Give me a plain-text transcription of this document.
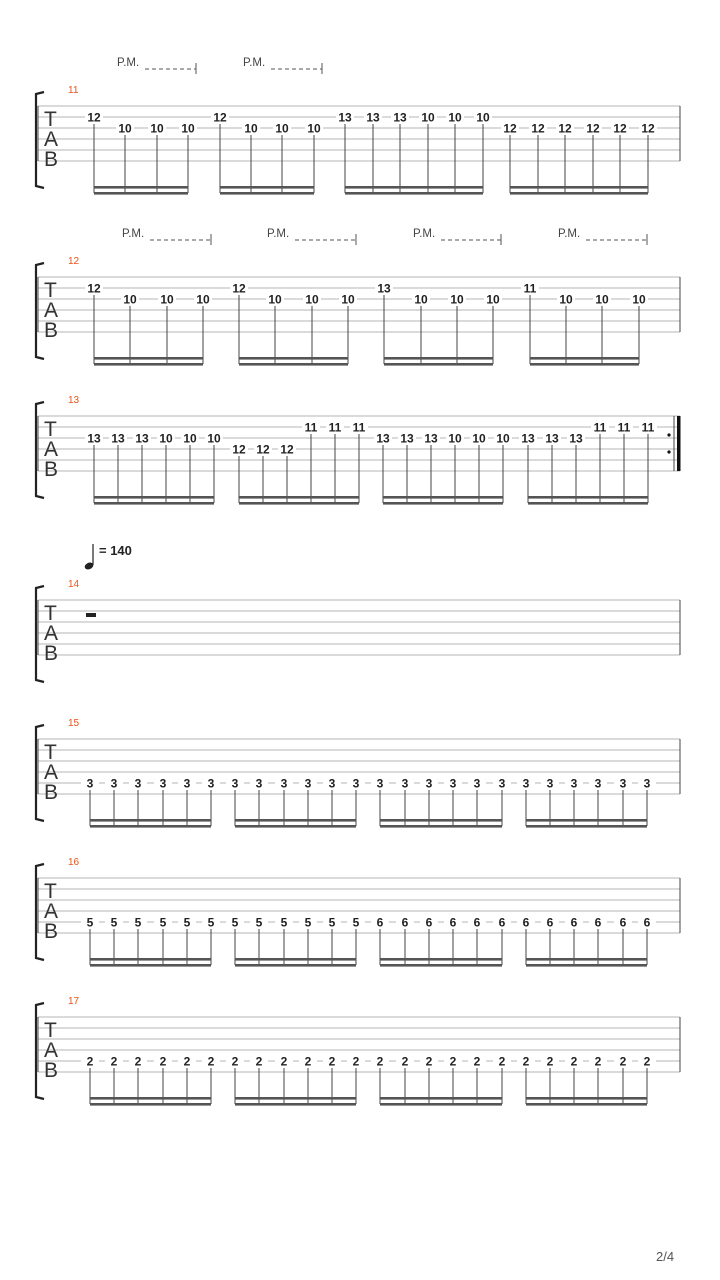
= 140
11
P.M.	P.M.
T
A
B
12
10 10 10
12
10 10 10
13 13 13 10 10 10
12 12 12 12 12 12
12
P.M.	P.M.	P.M.	P.M.
T
A
B
12
10 10 10
12
10 10 10
13
10 10 10
11
10 10 10
13
T
A
B
13 13 13 10 10 10
12 12 12
11 11 11
13 13 13 10 10 10 13 13 13
11 11 11
14
T
A
B
15
T
A
B 3 3 3 3 3 3 3 3 3 3 3 3 3 3 3 3 3 3 3 3 3 3 3 3
16
T
A
B 5 5 5 5 5 5 5 5 5 5 5 5 6 6 6 6 6 6 6 6 6 6 6 6
17
T
A
B 2 2 2 2 2 2 2 2 2 2 2 2 2 2 2 2 2 2 2 2 2 2 2 2
2/4
